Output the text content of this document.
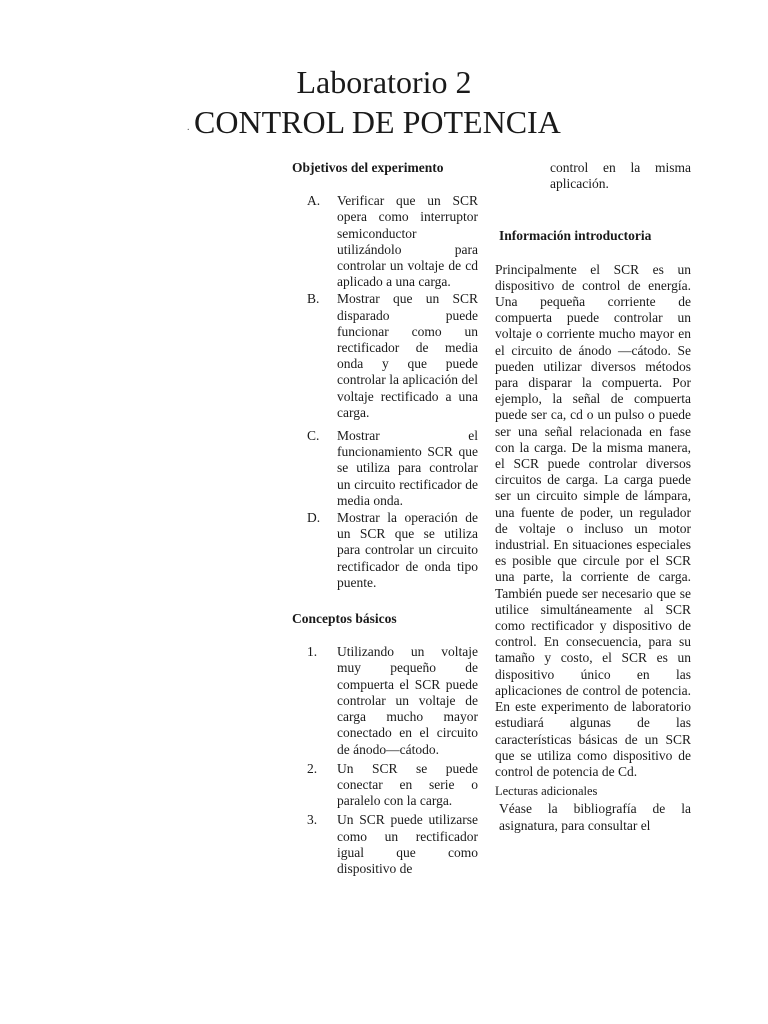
Laboratorio 2
. CONTROL DE POTENCIA
Objetivos del experimento
A.	Verificar que un SCR opera como interruptor semiconductor utilizándolo para controlar un voltaje de cd aplicado a una carga.
B.	Mostrar que un SCR disparado puede funcionar como un rectificador de media onda y que puede controlar la aplicación del voltaje rectificado a una carga.
C.	Mostrar el funcionamiento SCR que se utiliza para controlar un circuito rectificador de media onda.
D.	Mostrar la operación de un SCR que se utiliza para controlar un circuito rectificador de onda tipo puente.
Conceptos básicos
1.	Utilizando un voltaje muy pequeño de compuerta el SCR puede controlar un voltaje de carga mucho mayor conectado en el circuito de ánodo—cátodo.
2.	Un SCR se puede conectar en serie o paralelo con la carga.
3.	Un SCR puede utilizarse como un rectificador igual que como dispositivo de
control en la misma aplicación.
Información introductoria
Principalmente el SCR es un dispositivo de control de energía. Una pequeña corriente de compuerta puede controlar un voltaje o corriente mucho mayor en el circuito de ánodo —cátodo. Se pueden utilizar diversos métodos para disparar la compuerta. Por ejemplo, la señal de compuerta puede ser ca, cd o un pulso o puede ser una señal relacionada en fase con la carga. De la misma manera, el SCR puede controlar diversos circuitos de carga. La carga puede ser un circuito simple de lámpara, una fuente de poder, un regulador de voltaje o incluso un motor industrial. En situaciones especiales es posible que circule por el SCR una parte, la corriente de carga. También puede ser necesario que se utilice simultáneamente al SCR como rectificador y dispositivo de control. En consecuencia, para su tamaño y costo, el SCR es un dispositivo único en las aplicaciones de control de potencia. En este experimento de laboratorio estudiará algunas de las características básicas de un SCR que se utiliza como dispositivo de control de potencia de Cd.
Lecturas adicionales
Véase la bibliografía de la asignatura, para consultar el
